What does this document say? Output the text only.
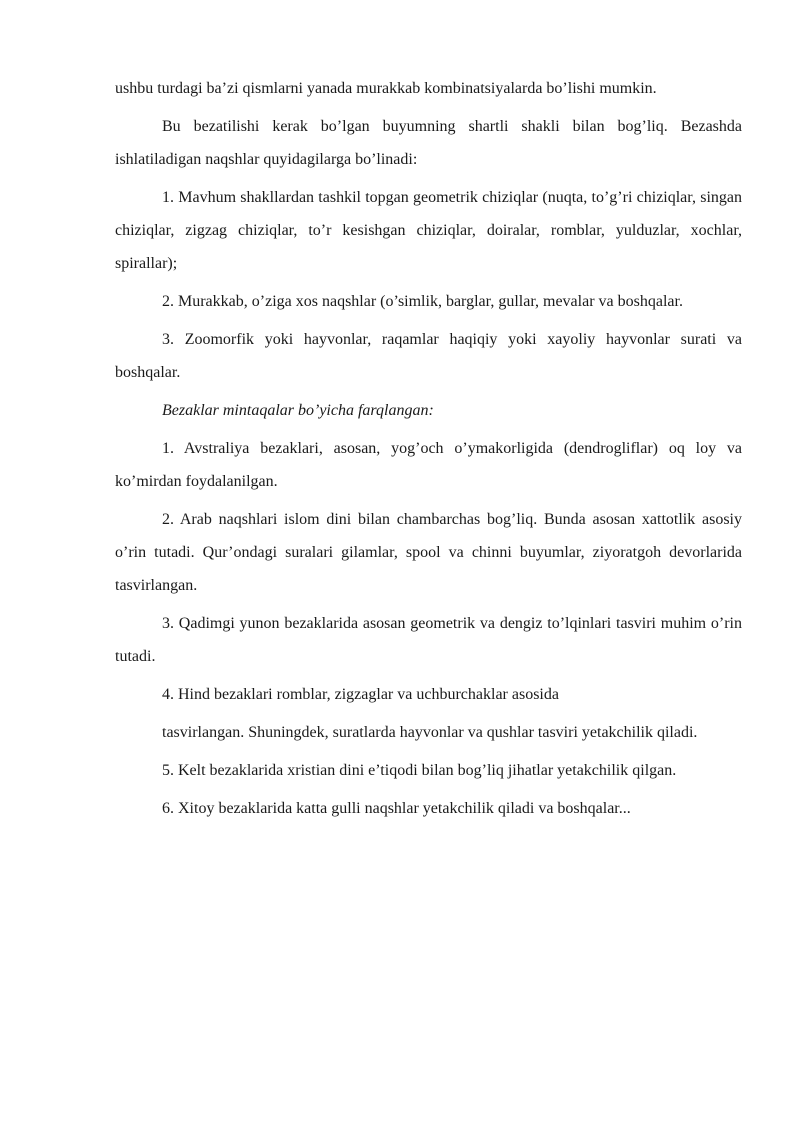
ushbu turdagi ba’zi qismlarni yanada murakkab kombinatsiyalarda bo’lishi mumkin.

Bu bezatilishi kerak bo’lgan buyumning shartli shakli bilan bog’liq. Bezashda ishlatiladigan naqshlar quyidagilarga bo’linadi:

1. Mavhum shakllardan tashkil topgan geometrik chiziqlar (nuqta, to’g’ri chiziqlar, singan chiziqlar, zigzag chiziqlar, to’r kesishgan chiziqlar, doiralar, romblar, yulduzlar, xochlar, spirallar);

2. Murakkab, o’ziga xos naqshlar (o’simlik, barglar, gullar, mevalar va boshqalar.

3. Zoomorfik yoki hayvonlar, raqamlar haqiqiy yoki xayoliy hayvonlar surati va boshqalar.

Bezaklar mintaqalar bo’yicha farqlangan:

1. Avstraliya bezaklari, asosan, yog’och o’ymakorligida (dendrogliflar) oq loy va ko’mirdan foydalanilgan.

2. Arab naqshlari islom dini bilan chambarchas bog’liq. Bunda asosan xattotlik asosiy o’rin tutadi. Qur’ondagi suralari gilamlar, spool va chinni buyumlar, ziyoratgoh devorlarida tasvirlangan.

3. Qadimgi yunon bezaklarida asosan geometrik va dengiz to’lqinlari tasviri muhim o’rin tutadi.

4. Hind bezaklari romblar, zigzaglar va uchburchaklar asosida

tasvirlangan. Shuningdek, suratlarda hayvonlar va qushlar tasviri yetakchilik qiladi.

5. Kelt bezaklarida xristian dini e’tiqodi bilan bog’liq jihatlar yetakchilik qilgan.

6. Xitoy bezaklarida katta gulli naqshlar yetakchilik qiladi va boshqalar...
